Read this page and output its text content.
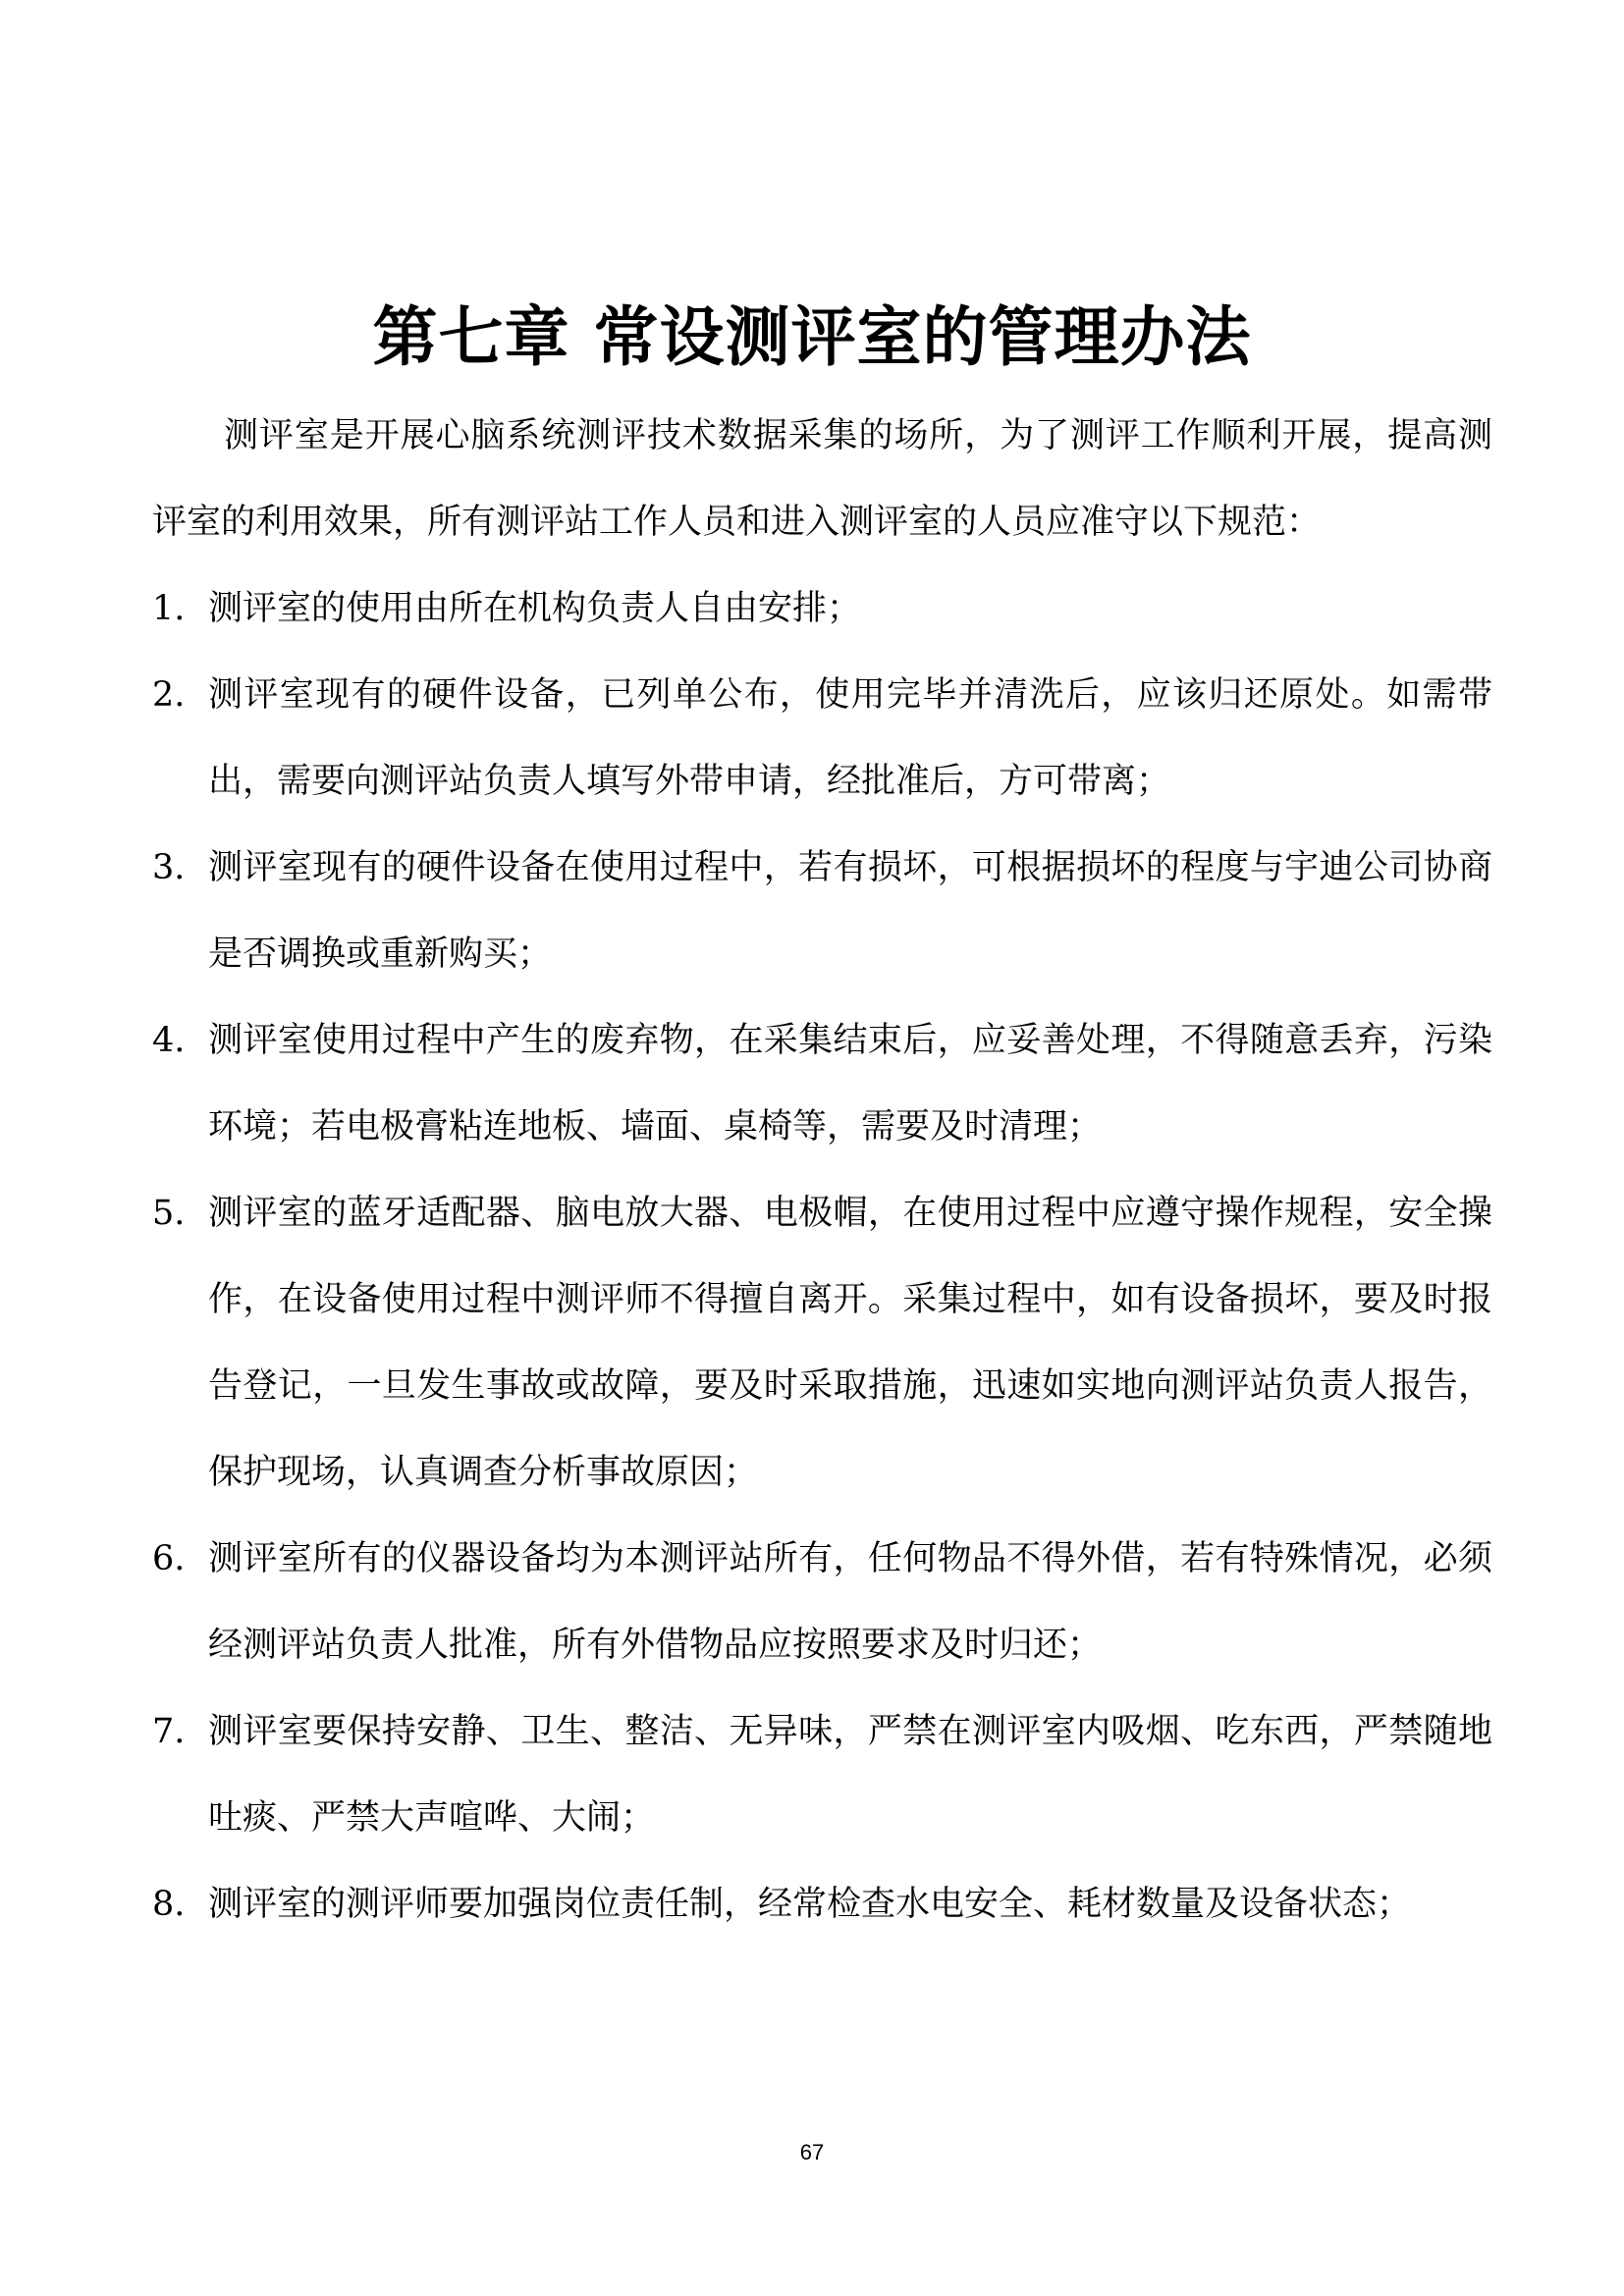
第七章 常设测评室的管理办法

测评室是开展心脑系统测评技术数据采集的场所，为了测评工作顺利开展，提高测评室的利用效果，所有测评站工作人员和进入测评室的人员应准守以下规范：

1. 测评室的使用由所在机构负责人自由安排；
2. 测评室现有的硬件设备，已列单公布，使用完毕并清洗后，应该归还原处。如需带出，需要向测评站负责人填写外带申请，经批准后，方可带离；
3. 测评室现有的硬件设备在使用过程中，若有损坏，可根据损坏的程度与宇迪公司协商是否调换或重新购买；
4. 测评室使用过程中产生的废弃物，在采集结束后，应妥善处理，不得随意丢弃，污染环境；若电极膏粘连地板、墙面、桌椅等，需要及时清理；
5. 测评室的蓝牙适配器、脑电放大器、电极帽，在使用过程中应遵守操作规程，安全操作，在设备使用过程中测评师不得擅自离开。采集过程中，如有设备损坏，要及时报告登记，一旦发生事故或故障，要及时采取措施，迅速如实地向测评站负责人报告，保护现场，认真调查分析事故原因；
6. 测评室所有的仪器设备均为本测评站所有，任何物品不得外借，若有特殊情况，必须经测评站负责人批准，所有外借物品应按照要求及时归还；
7. 测评室要保持安静、卫生、整洁、无异味，严禁在测评室内吸烟、吃东西，严禁随地吐痰、严禁大声喧哗、大闹；
8. 测评室的测评师要加强岗位责任制，经常检查水电安全、耗材数量及设备状态；
67
